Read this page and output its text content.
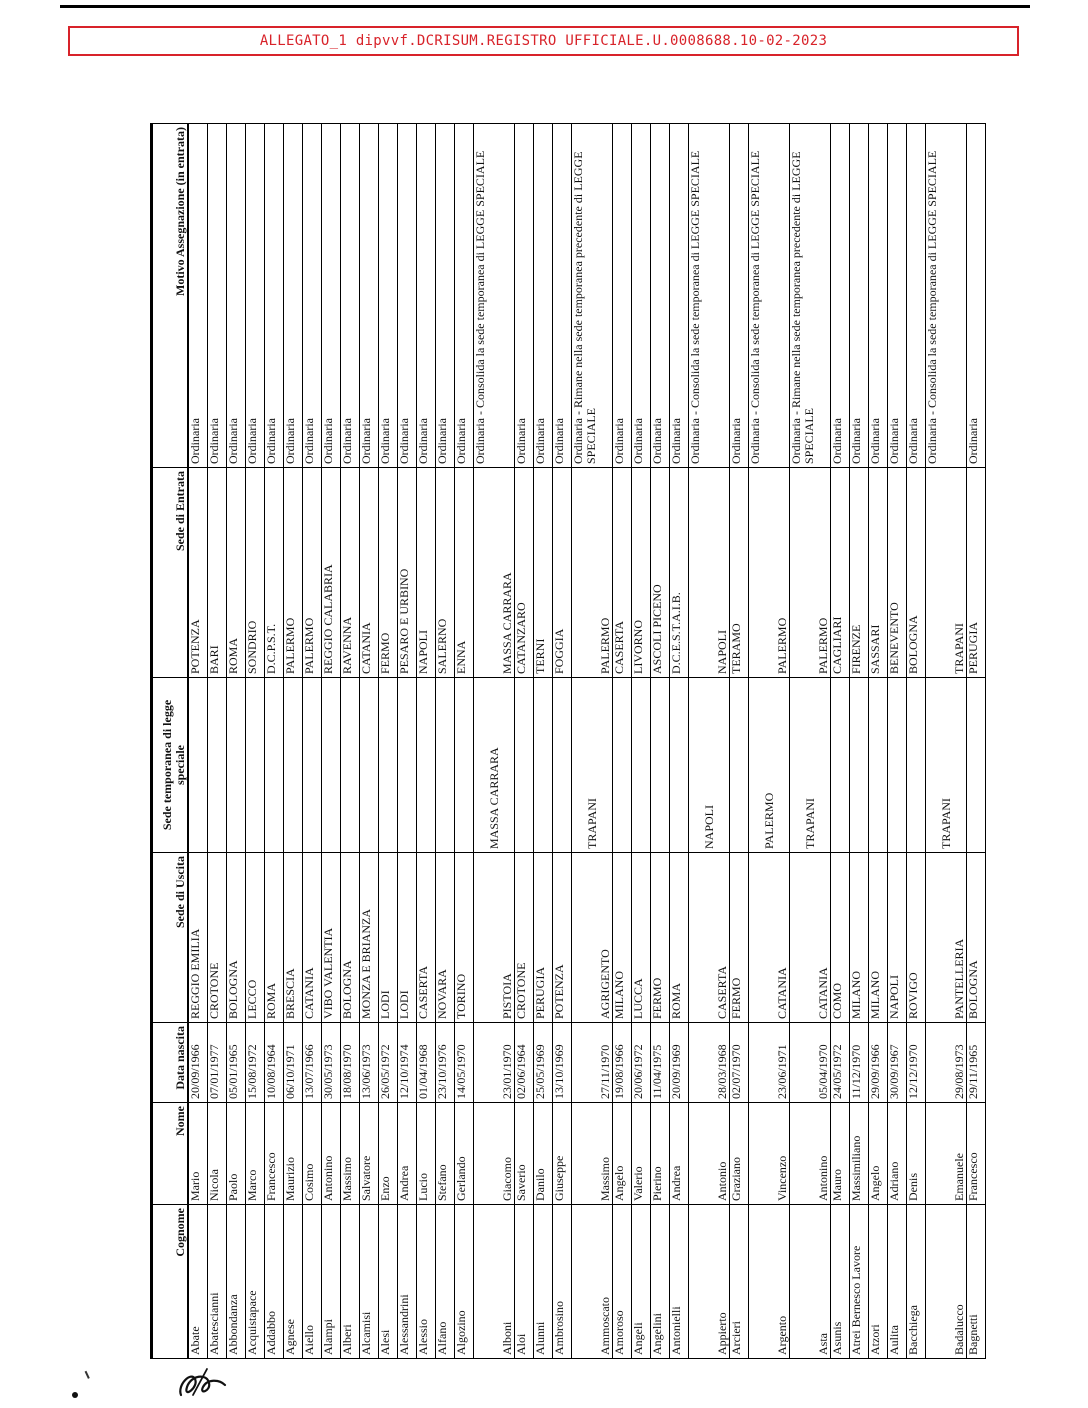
ALLEGATO_1 dipvvf.DCRISUM.REGISTRO UFFICIALE.U.0008688.10-02-2023
Cognome	Nome	Data nascita	Sede di Uscita	Sede temporanea di legge speciale	Sede di Entrata	Motivo Assegnazione (in entrata)
Abate	Mario	20/09/1966	REGGIO EMILIA		POTENZA	Ordinaria
Abatescianni	Nicola	07/01/1977	CROTONE		BARI	Ordinaria
Abbondanza	Paolo	05/01/1965	BOLOGNA		ROMA	Ordinaria
Acquistapace	Marco	15/08/1972	LECCO		SONDRIO	Ordinaria
Addabbo	Francesco	10/08/1964	ROMA		D.C.P.S.T.	Ordinaria
Agnese	Maurizio	06/10/1971	BRESCIA		PALERMO	Ordinaria
Aiello	Cosimo	13/07/1966	CATANIA		PALERMO	Ordinaria
Alampi	Antonino	30/05/1973	VIBO VALENTIA		REGGIO CALABRIA	Ordinaria
Alberi	Massimo	18/08/1970	BOLOGNA		RAVENNA	Ordinaria
Alcamisi	Salvatore	13/06/1973	MONZA E BRIANZA		CATANIA	Ordinaria
Alesi	Enzo	26/05/1972	LODI		FERMO	Ordinaria
Alessandrini	Andrea	12/10/1974	LODI		PESARO E URBINO	Ordinaria
Alessio	Lucio	01/04/1968	CASERTA		NAPOLI	Ordinaria
Alfano	Stefano	23/10/1976	NOVARA		SALERNO	Ordinaria
Algozino	Gerlando	14/05/1970	TORINO		ENNA	Ordinaria
Alboni	Giacomo	23/01/1970	PISTOIA	MASSA CARRARA	MASSA CARRARA	Ordinaria - Consolida la sede temporanea di LEGGE SPECIALE
Aloi	Saverio	02/06/1964	CROTONE		CATANZARO	Ordinaria
Alunni	Danilo	25/05/1969	PERUGIA		TERNI	Ordinaria
Ambrosino	Giuseppe	13/10/1969	POTENZA		FOGGIA	Ordinaria
Ammoscato	Massimo	27/11/1970	AGRIGENTO	TRAPANI	PALERMO	Ordinaria - Rimane nella sede temporanea precedente di LEGGE SPECIALE
Amoroso	Angelo	19/08/1966	MILANO		CASERTA	Ordinaria
Angeli	Valerio	20/06/1972	LUCCA		LIVORNO	Ordinaria
Angelini	Pierino	11/04/1975	FERMO		ASCOLI PICENO	Ordinaria
Antonielli	Andrea	20/09/1969	ROMA		D.C.E.S.T.A.I.B.	Ordinaria
Appierto	Antonio	28/03/1968	CASERTA	NAPOLI	NAPOLI	Ordinaria - Consolida la sede temporanea di LEGGE SPECIALE
Arcieri	Graziano	02/07/1970	FERMO		TERAMO	Ordinaria
Argento	Vincenzo	23/06/1971	CATANIA	PALERMO	PALERMO	Ordinaria - Consolida la sede temporanea di LEGGE SPECIALE
Asta	Antonino	05/04/1970	CATANIA	TRAPANI	PALERMO	Ordinaria - Rimane nella sede temporanea precedente di LEGGE SPECIALE
Asunis	Mauro	24/05/1972	COMO		CAGLIARI	Ordinaria
Atrei Bernesco Lavore	Massimiliano	11/12/1970	MILANO		FIRENZE	Ordinaria
Atzori	Angelo	29/09/1966	MILANO		SASSARI	Ordinaria
Aulita	Adriano	30/09/1967	NAPOLI		BENEVENTO	Ordinaria
Bacchiega	Denis	12/12/1970	ROVIGO		BOLOGNA	Ordinaria
Badalucco	Emanuele	29/08/1973	PANTELLERIA	TRAPANI	TRAPANI	Ordinaria - Consolida la sede temporanea di LEGGE SPECIALE
Bagnetti	Francesco	29/11/1965	BOLOGNA		PERUGIA	Ordinaria
